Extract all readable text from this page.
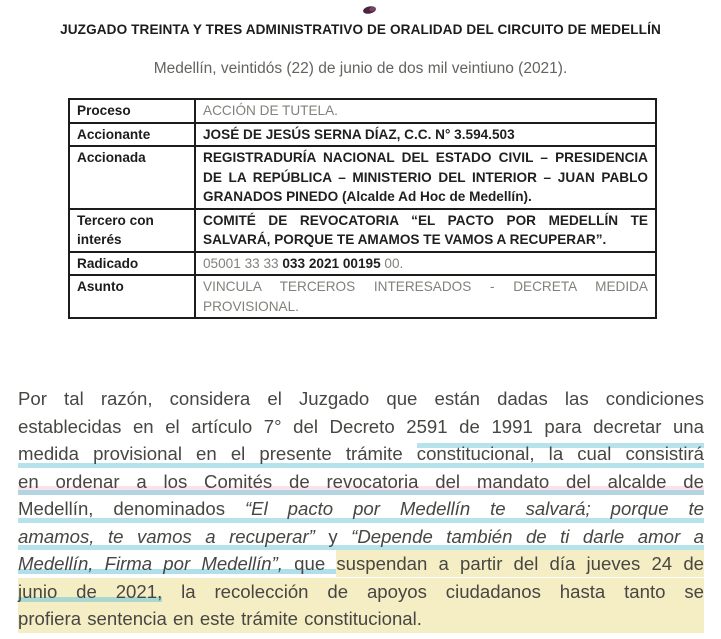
JUZGADO TREINTA Y TRES ADMINISTRATIVO DE ORALIDAD DEL CIRCUITO DE MEDELLÍN
Medellín, veintidós (22) de junio de dos mil veintiuno (2021).
Proceso	ACCIÓN DE TUTELA.
Accionante	JOSÉ DE JESÚS SERNA DÍAZ, C.C. N° 3.594.503
Accionada	REGISTRADURÍA NACIONAL DEL ESTADO CIVIL – PRESIDENCIA DE LA REPÚBLICA – MINISTERIO DEL INTERIOR – JUAN PABLO GRANADOS PINEDO (Alcalde Ad Hoc de Medellín).
Tercero con interés	COMITÉ DE REVOCATORIA “EL PACTO POR MEDELLÍN TE SALVARÁ, PORQUE TE AMAMOS TE VAMOS A RECUPERAR”.
Radicado	05001 33 33 033 2021 00195 00.
Asunto	VINCULA TERCEROS INTERESADOS - DECRETA MEDIDA PROVISIONAL.
Por tal razón, considera el Juzgado que están dadas las condiciones
establecidas en el artículo 7° del Decreto 2591 de 1991 para decretar una
medida provisional en el presente trámite constitucional, la cual consistirá
en ordenar a los Comités de revocatoria del mandato del alcalde de
Medellín, denominados “El pacto por Medellín te salvará; porque te
amamos, te vamos a recuperar” y “Depende también de ti darle amor a
Medellín, Firma por Medellín”, que suspendan a partir del día jueves 24 de
junio de 2021, la recolección de apoyos ciudadanos hasta tanto se
profiera sentencia en este trámite constitucional.
